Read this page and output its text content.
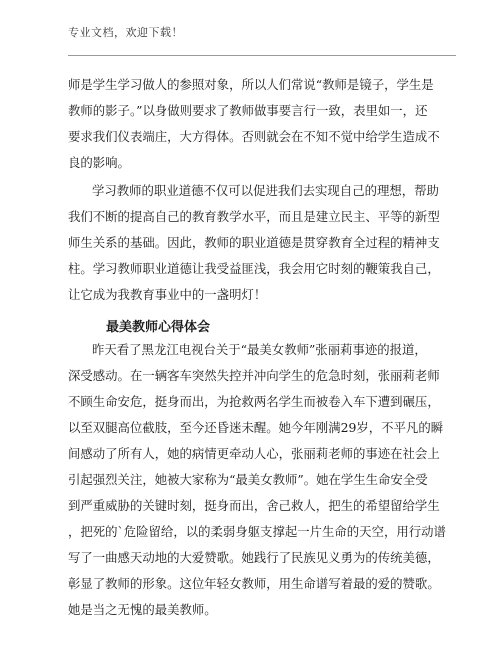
专业文档，欢迎下载！
师是学生学习做人的参照对象，所以人们常说“教师是镜子，学生是
教师的影子。”以身做则要求了教师做事要言行一致，表里如一，还
要求我们仪表端庄，大方得体。否则就会在不知不觉中给学生造成不
良的影响。
学习教师的职业道德不仅可以促进我们去实现自己的理想，帮助
我们不断的提高自己的教育教学水平，而且是建立民主、平等的新型
师生关系的基础。因此，教师的职业道德是贯穿教育全过程的精神支
柱。学习教师职业道德让我受益匪浅，我会用它时刻的鞭策我自己，
让它成为我教育事业中的一盏明灯！
最美教师心得体会
昨天看了黑龙江电视台关于“最美女教师”张丽莉事迹的报道，
深受感动。在一辆客车突然失控并冲向学生的危急时刻，张丽莉老师
不顾生命安危，挺身而出，为抢救两名学生而被卷入车下遭到碾压，
以至双腿高位截肢，至今还昏迷未醒。她今年刚满29岁，不平凡的瞬
间感动了所有人，她的病情更牵动人心，张丽莉老师的事迹在社会上
引起强烈关注，她被大家称为“最美女教师”。她在学生生命安全受
到严重威胁的关键时刻，挺身而出，舍己救人，把生的希望留给学生
，把死的`危险留给，以的柔弱身躯支撑起一片生命的天空，用行动谱
写了一曲感天动地的大爱赞歌。她践行了民族见义勇为的传统美德，
彰显了教师的形象。这位年轻女教师，用生命谱写着最的爱的赞歌。
她是当之无愧的最美教师。
